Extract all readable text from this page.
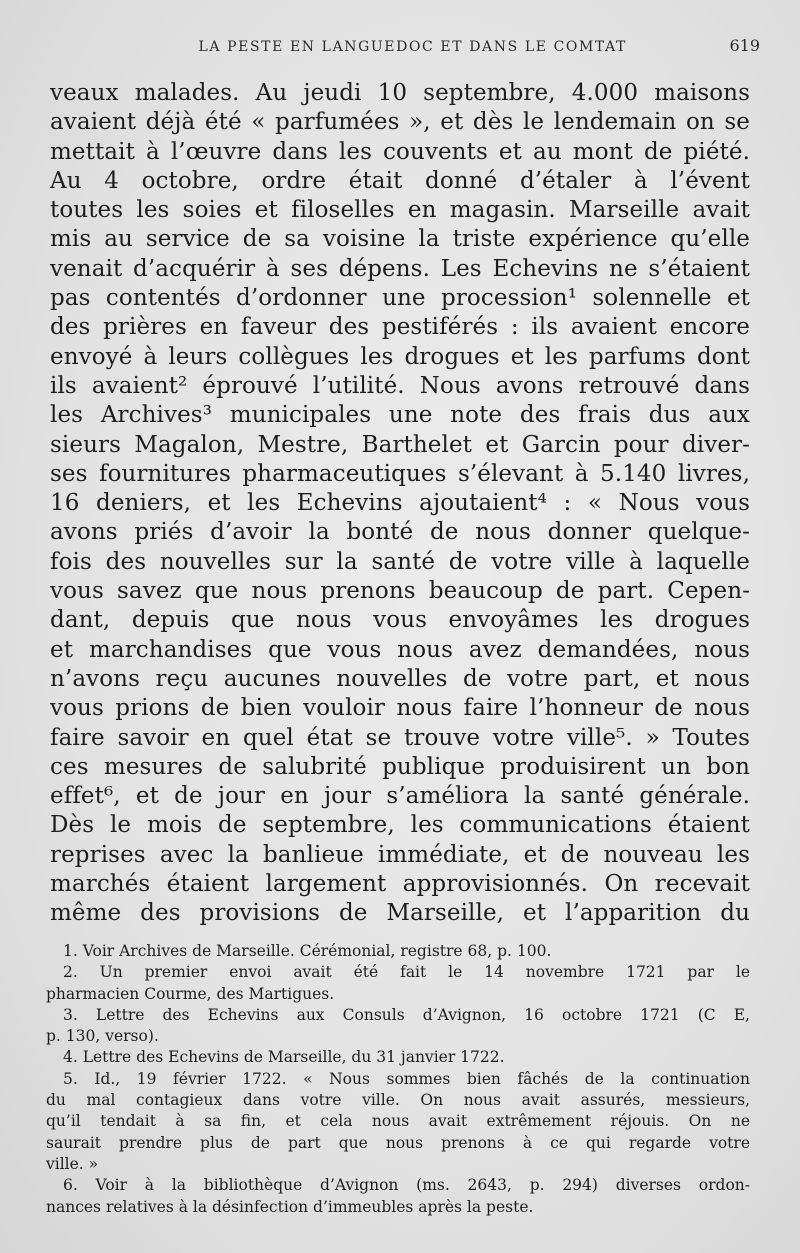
LA PESTE EN LANGUEDOC ET DANS LE COMTAT	619
veaux malades. Au jeudi 10 septembre, 4.000 maisons
avaient déjà été « parfumées », et dès le lendemain on se
mettait à l’œuvre dans les couvents et au mont de piété.
Au 4 octobre, ordre était donné d’étaler à l’évent
toutes les soies et filoselles en magasin. Marseille avait
mis au service de sa voisine la triste expérience qu’elle
venait d’acquérir à ses dépens. Les Echevins ne s’étaient
pas contentés d’ordonner une procession¹ solennelle et
des prières en faveur des pestiférés : ils avaient encore
envoyé à leurs collègues les drogues et les parfums dont
ils avaient² éprouvé l’utilité. Nous avons retrouvé dans
les Archives³ municipales une note des frais dus aux
sieurs Magalon, Mestre, Barthelet et Garcin pour diver-
ses fournitures pharmaceutiques s’élevant à 5.140 livres,
16 deniers, et les Echevins ajoutaient⁴ : « Nous vous
avons priés d’avoir la bonté de nous donner quelque-
fois des nouvelles sur la santé de votre ville à laquelle
vous savez que nous prenons beaucoup de part. Cepen-
dant, depuis que nous vous envoyâmes les drogues
et marchandises que vous nous avez demandées, nous
n’avons reçu aucunes nouvelles de votre part, et nous
vous prions de bien vouloir nous faire l’honneur de nous
faire savoir en quel état se trouve votre ville⁵. » Toutes
ces mesures de salubrité publique produisirent un bon
effet⁶, et de jour en jour s’améliora la santé générale.
Dès le mois de septembre, les communications étaient
reprises avec la banlieue immédiate, et de nouveau les
marchés étaient largement approvisionnés. On recevait
même des provisions de Marseille, et l’apparition du
1. Voir Archives de Marseille. Cérémonial, registre 68, p. 100.
2. Un premier envoi avait été fait le 14 novembre 1721 par le
pharmacien Courme, des Martigues.
3. Lettre des Echevins aux Consuls d’Avignon, 16 octobre 1721 (C E,
p. 130, verso).
4. Lettre des Echevins de Marseille, du 31 janvier 1722.
5. Id., 19 février 1722. « Nous sommes bien fâchés de la continuation
du mal contagieux dans votre ville. On nous avait assurés, messieurs,
qu’il tendait à sa fin, et cela nous avait extrêmement réjouis. On ne
saurait prendre plus de part que nous prenons à ce qui regarde votre
ville. »
6. Voir à la bibliothèque d’Avignon (ms. 2643, p. 294) diverses ordon-
nances relatives à la désinfection d’immeubles après la peste.
